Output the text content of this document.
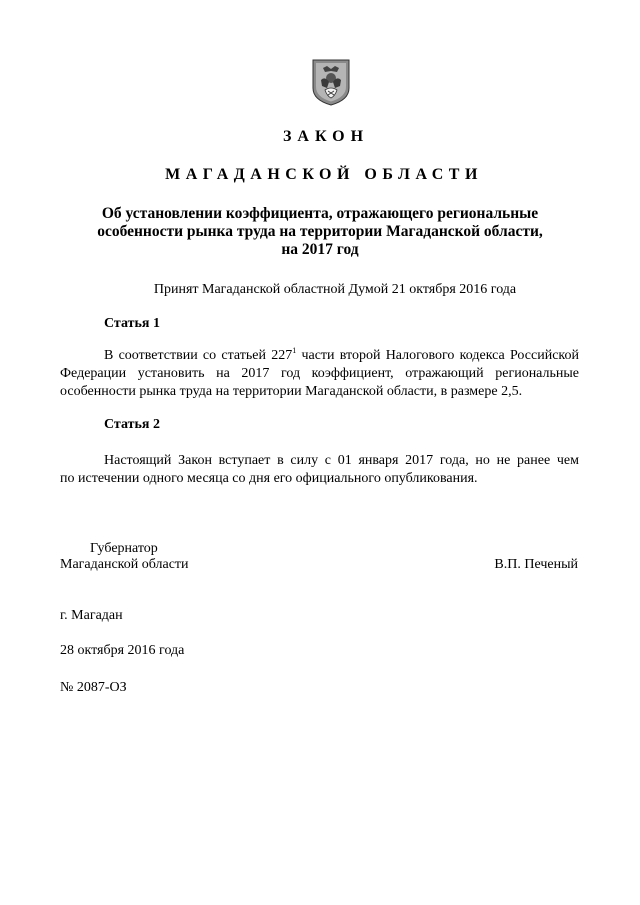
ЗАКОН
МАГАДАНСКОЙ ОБЛАСТИ
Об установлении коэффициента, отражающего региональные
особенности рынка труда на территории Магаданской области,
на 2017 год
Принят Магаданской областной Думой 21 октября 2016 года
Статья 1
В соответствии со статьей $227^1$ части второй Налогового кодекса Российской
Федерации установить на 2017 год коэффициент, отражающий региональные
особенности рынка труда на территории Магаданской области, в размере 2,5.
Статья 2
Настоящий Закон вступает в силу с 01 января 2017 года, но не ранее чем
по истечении одного месяца со дня его официального опубликования.
Губернатор
Магаданской области	В.П. Печеный
г. Магадан
28 октября 2016 года
№ 2087-ОЗ
